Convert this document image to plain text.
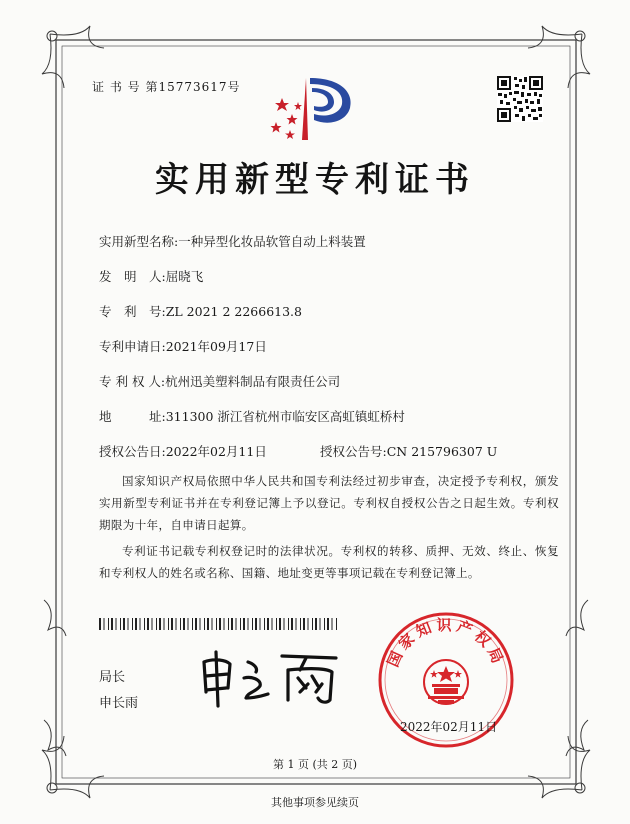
证 书 号 第15773617号
实用新型专利证书
实用新型名称:一种异型化妆品软管自动上料装置
发　明　人:屈晓飞
专　利　号:ZL 2021 2 2266613.8
专利申请日:2021年09月17日
专 利 权 人:杭州迅美塑料制品有限责任公司
地　　　址:311300 浙江省杭州市临安区高虹镇虹桥村
授权公告日:2022年02月11日	授权公告号:CN 215796307 U
国家知识产权局依照中华人民共和国专利法经过初步审查，决定授予专利权，颁发实用新型专利证书并在专利登记簿上予以登记。专利权自授权公告之日起生效。专利权期限为十年，自申请日起算。
专利证书记载专利权登记时的法律状况。专利权的转移、质押、无效、终止、恢复和专利权人的姓名或名称、国籍、地址变更等事项记载在专利登记簿上。
局长
申长雨
国家知识产权局
2022年02月11日
第 1 页 (共 2 页)
其他事项参见续页
